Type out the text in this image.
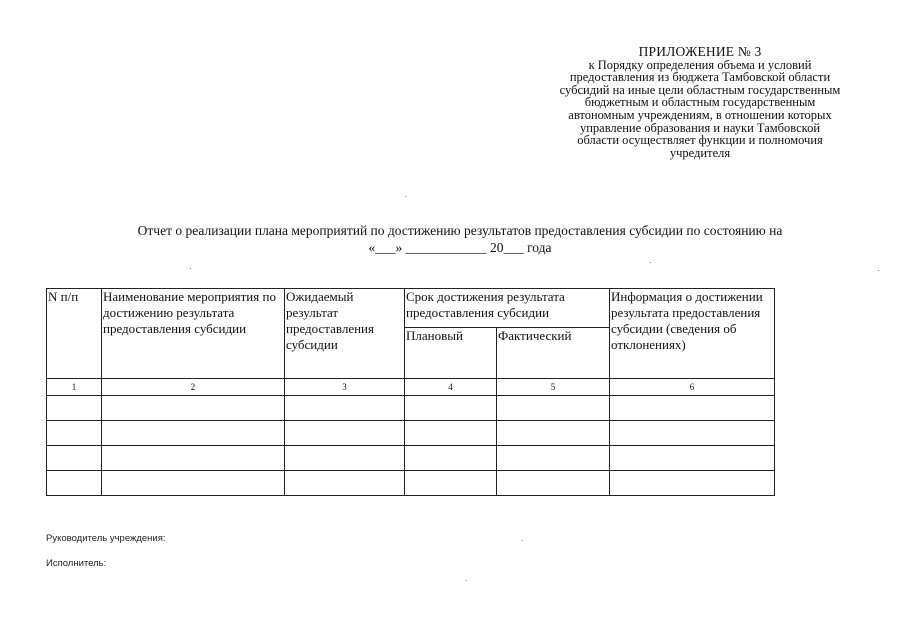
ПРИЛОЖЕНИЕ № 3
к Порядку определения объема и условий
предоставления из бюджета Тамбовской области
субсидий на иные цели областным государственным
бюджетным и областным государственным
автономным учреждениям, в отношении которых
управление образования и науки Тамбовской
области осуществляет функции и полномочия
учредителя
Отчет о реализации плана мероприятий по достижению результатов предоставления субсидии по состоянию на
«___» ____________ 20___ года
N п/п	Наименование мероприятия по достижению результата предоставления субсидии	Ожидаемый результат предоставления субсидии	Срок достижения результата предоставления субсидии		Информация о достижении результата предоставления субсидии (сведения об отклонениях)
			Плановый	Фактический	
1	2	3	4	5	6

Руководитель учреждения:
Исполнитель:
